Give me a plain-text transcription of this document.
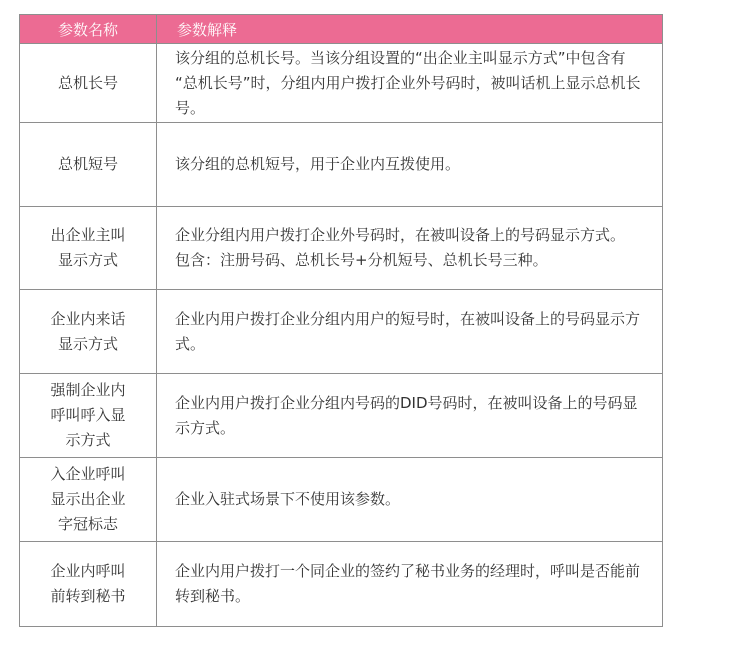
参数名称	参数解释
总机长号	该分组的总机长号。当该分组设置的“出企业主叫显示方式”中包含有 “总机长号”时，分组内用户拨打企业外号码时，被叫话机上显示总机长号。

总机短号	该分组的总机短号，用于企业内互拨使用。

出企业主叫显示方式	企业分组内用户拨打企业外号码时，在被叫设备上的号码显示方式。
包含：注册号码、总机长号+分机短号、总机长号三种。

企业内来话显示方式	企业内用户拨打企业分组内用户的短号时，在被叫设备上的号码显示方式。

强制企业内呼叫呼入显示方式	企业内用户拨打企业分组内号码的DID号码时，在被叫设备上的号码显示方式。

入企业呼叫显示出企业字冠标志	企业入驻式场景下不使用该参数。

企业内呼叫前转到秘书	企业内用户拨打一个同企业的签约了秘书业务的经理时，呼叫是否能前转到秘书。
